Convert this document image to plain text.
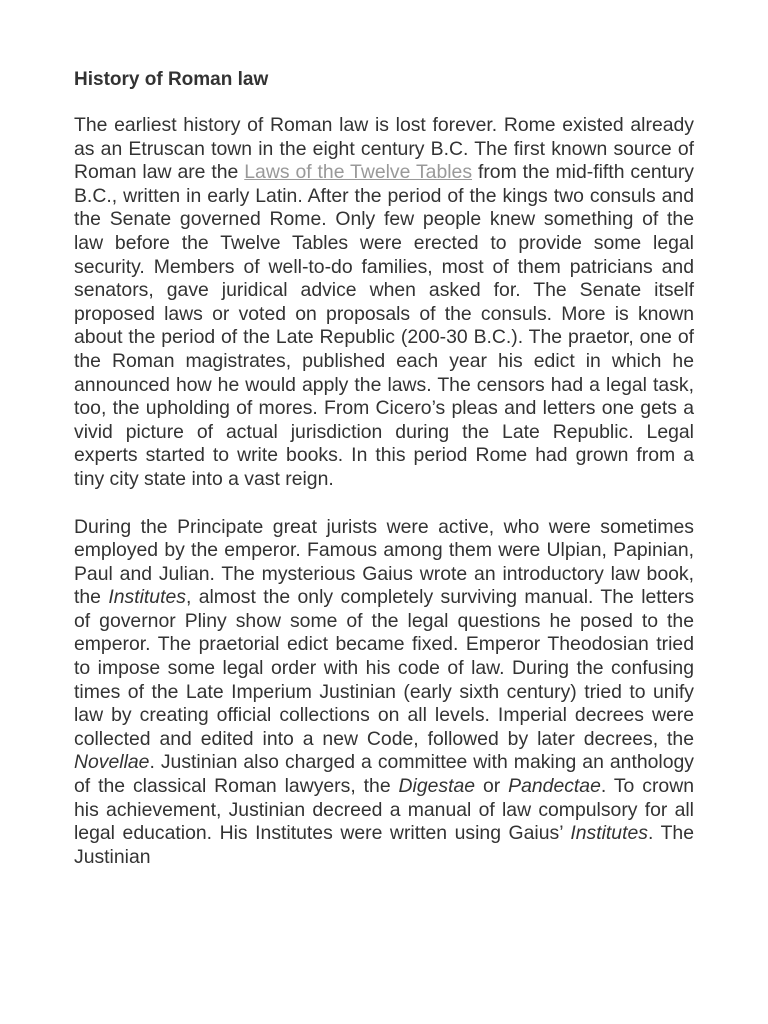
History of Roman law

The earliest history of Roman law is lost forever. Rome existed already as an Etruscan town in the eight century B.C. The first known source of Roman law are the Laws of the Twelve Tables from the mid-fifth century B.C., written in early Latin. After the period of the kings two consuls and the Senate governed Rome. Only few people knew something of the law before the Twelve Tables were erected to provide some legal security. Members of well-to-do families, most of them patricians and senators, gave juridical advice when asked for. The Senate itself proposed laws or voted on proposals of the consuls. More is known about the period of the Late Republic (200-30 B.C.). The praetor, one of the Roman magistrates, published each year his edict in which he announced how he would apply the laws. The censors had a legal task, too, the upholding of mores. From Cicero’s pleas and letters one gets a vivid picture of actual jurisdiction during the Late Republic. Legal experts started to write books. In this period Rome had grown from a tiny city state into a vast reign.

During the Principate great jurists were active, who were sometimes employed by the emperor. Famous among them were Ulpian, Papinian, Paul and Julian. The mysterious Gaius wrote an introductory law book, the Institutes, almost the only completely surviving manual. The letters of governor Pliny show some of the legal questions he posed to the emperor. The praetorial edict became fixed. Emperor Theodosian tried to impose some legal order with his code of law. During the confusing times of the Late Imperium Justinian (early sixth century) tried to unify law by creating official collections on all levels. Imperial decrees were collected and edited into a new Code, followed by later decrees, the Novellae. Justinian also charged a committee with making an anthology of the classical Roman lawyers, the Digestae or Pandectae. To crown his achievement, Justinian decreed a manual of law compulsory for all legal education. His Institutes were written using Gaius’ Institutes. The Justinian
